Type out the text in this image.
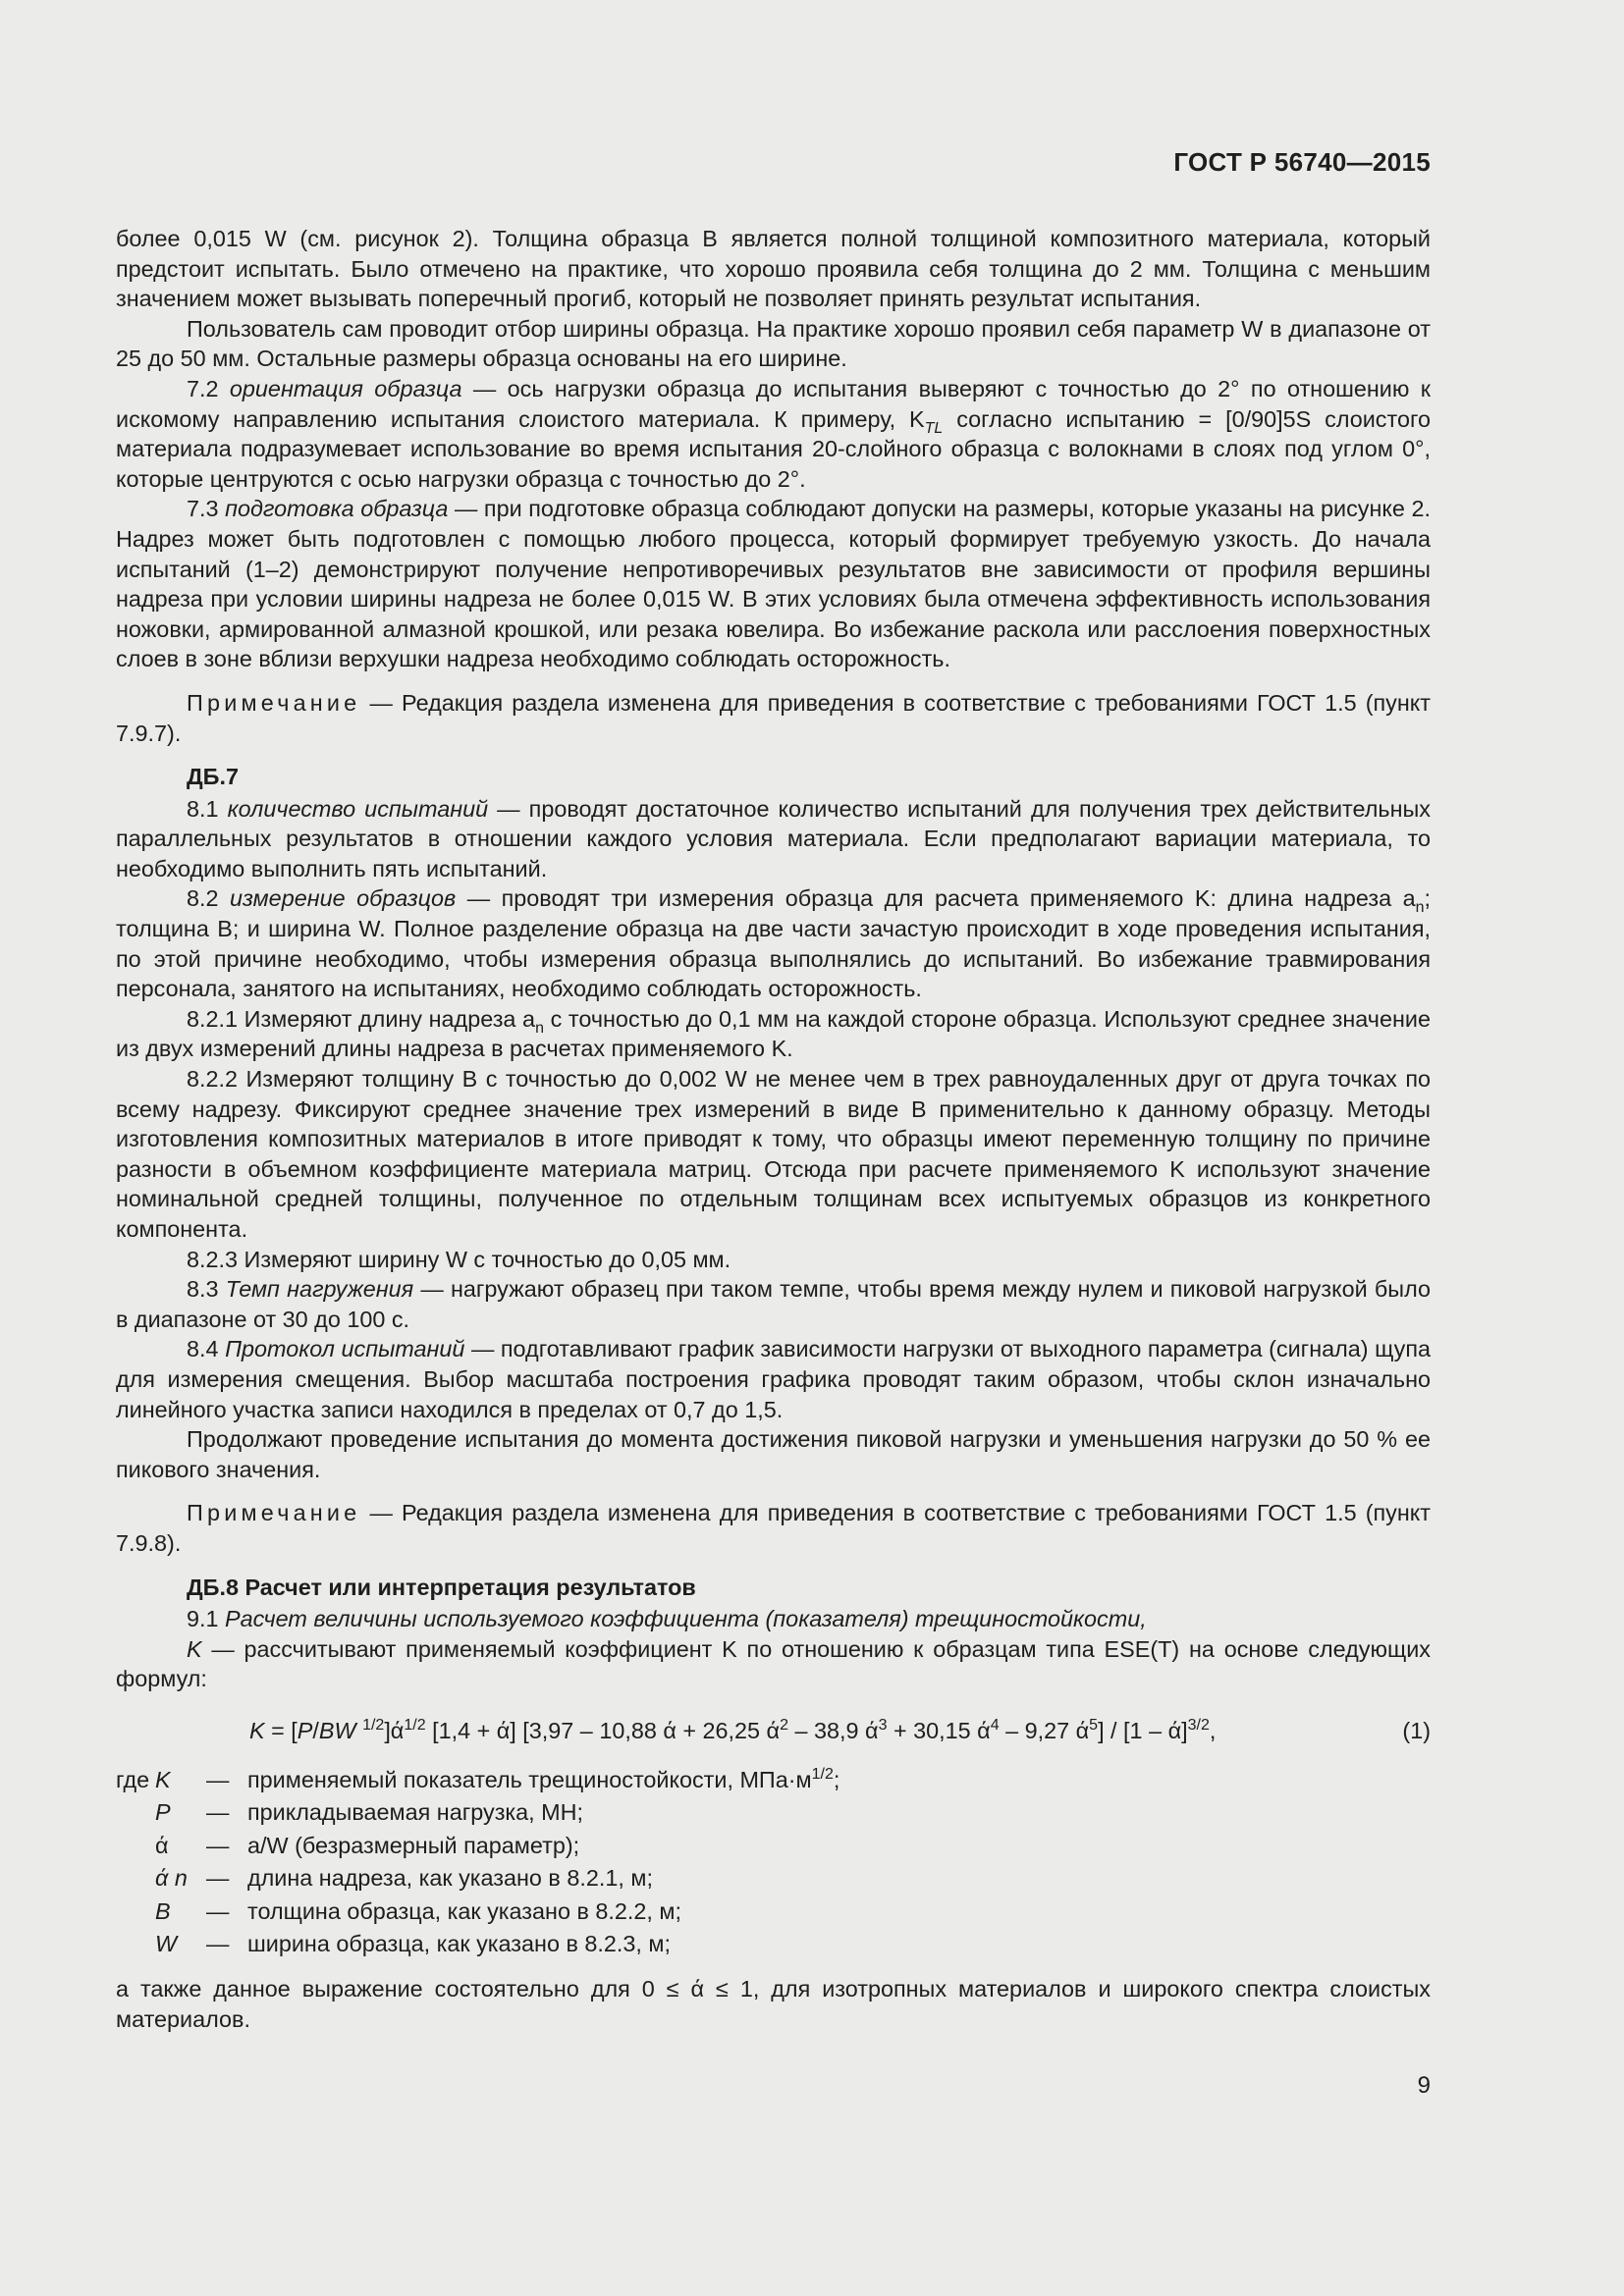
ГОСТ Р 56740—2015

более 0,015 W (см. рисунок 2). Толщина образца B является полной толщиной композитного материала, который предстоит испытать. Было отмечено на практике, что хорошо проявила себя толщина до 2 мм. Толщина с меньшим значением может вызывать поперечный прогиб, который не позволяет принять результат испытания.

Пользователь сам проводит отбор ширины образца. На практике хорошо проявил себя параметр W в диапазоне от 25 до 50 мм. Остальные размеры образца основаны на его ширине.

7.2 ориентация образца — ось нагрузки образца до испытания выверяют с точностью до 2° по отношению к искомому направлению испытания слоистого материала. К примеру, $K_{TL}$ согласно испытанию = [0/90]5S слоистого материала подразумевает использование во время испытания 20-слойного образца с волокнами в слоях под углом 0°, которые центруются с осью нагрузки образца с точностью до 2°.

7.3 подготовка образца — при подготовке образца соблюдают допуски на размеры, которые указаны на рисунке 2. Надрез может быть подготовлен с помощью любого процесса, который формирует требуемую узкость. До начала испытаний (1–2) демонстрируют получение непротиворечивых результатов вне зависимости от профиля вершины надреза при условии ширины надреза не более 0,015 W. В этих условиях была отмечена эффективность использования ножовки, армированной алмазной крошкой, или резака ювелира. Во избежание раскола или расслоения поверхностных слоев в зоне вблизи верхушки надреза необходимо соблюдать осторожность.

Примечание — Редакция раздела изменена для приведения в соответствие с требованиями ГОСТ 1.5 (пункт 7.9.7).

ДБ.7

8.1 количество испытаний — проводят достаточное количество испытаний для получения трех действительных параллельных результатов в отношении каждого условия материала. Если предполагают вариации материала, то необходимо выполнить пять испытаний.

8.2 измерение образцов — проводят три измерения образца для расчета применяемого K: длина надреза $a_n$; толщина B; и ширина W. Полное разделение образца на две части зачастую происходит в ходе проведения испытания, по этой причине необходимо, чтобы измерения образца выполнялись до испытаний. Во избежание травмирования персонала, занятого на испытаниях, необходимо соблюдать осторожность.

8.2.1 Измеряют длину надреза $a_n$ с точностью до 0,1 мм на каждой стороне образца. Используют среднее значение из двух измерений длины надреза в расчетах применяемого K.

8.2.2 Измеряют толщину B с точностью до 0,002 W не менее чем в трех равноудаленных друг от друга точках по всему надрезу. Фиксируют среднее значение трех измерений в виде B применительно к данному образцу. Методы изготовления композитных материалов в итоге приводят к тому, что образцы имеют переменную толщину по причине разности в объемном коэффициенте материала матриц. Отсюда при расчете применяемого K используют значение номинальной средней толщины, полученное по отдельным толщинам всех испытуемых образцов из конкретного компонента.

8.2.3 Измеряют ширину W с точностью до 0,05 мм.

8.3 Темп нагружения — нагружают образец при таком темпе, чтобы время между нулем и пиковой нагрузкой было в диапазоне от 30 до 100 с.

8.4 Протокол испытаний — подготавливают график зависимости нагрузки от выходного параметра (сигнала) щупа для измерения смещения. Выбор масштаба построения графика проводят таким образом, чтобы склон изначально линейного участка записи находился в пределах от 0,7 до 1,5.

Продолжают проведение испытания до момента достижения пиковой нагрузки и уменьшения нагрузки до 50 % ее пикового значения.

Примечание — Редакция раздела изменена для приведения в соответствие с требованиями ГОСТ 1.5 (пункт 7.9.8).

ДБ.8 Расчет или интерпретация результатов

9.1 Расчет величины используемого коэффициента (показателя) трещиностойкости,

K — рассчитывают применяемый коэффициент K по отношению к образцам типа ESE(T) на основе следующих формул:

K = [P/BW $^{1/2}]ά^{1/2}$ [1,4 + ά] [3,97 – 10,88 ά + 26,25 $ά^2 - 38,9$ $ά^3 + 30,15$ $ά^4 - 9,27$ $ά^5] / [1 - ά]^{3/2}$,	(1)
где K	— применяемый показатель трещиностойкости, $МПа\cdot м^{1/2}$;
P	— прикладываемая нагрузка, МН;
ά	— a/W (безразмерный параметр);
ά n — длина надреза, как указано в 8.2.1, м;
B	— толщина образца, как указано в 8.2.2, м;
W	— ширина образца, как указано в 8.2.3, м;

а также данное выражение состоятельно для 0 ≤ ά ≤ 1, для изотропных материалов и широкого спектра слоистых материалов.

9
